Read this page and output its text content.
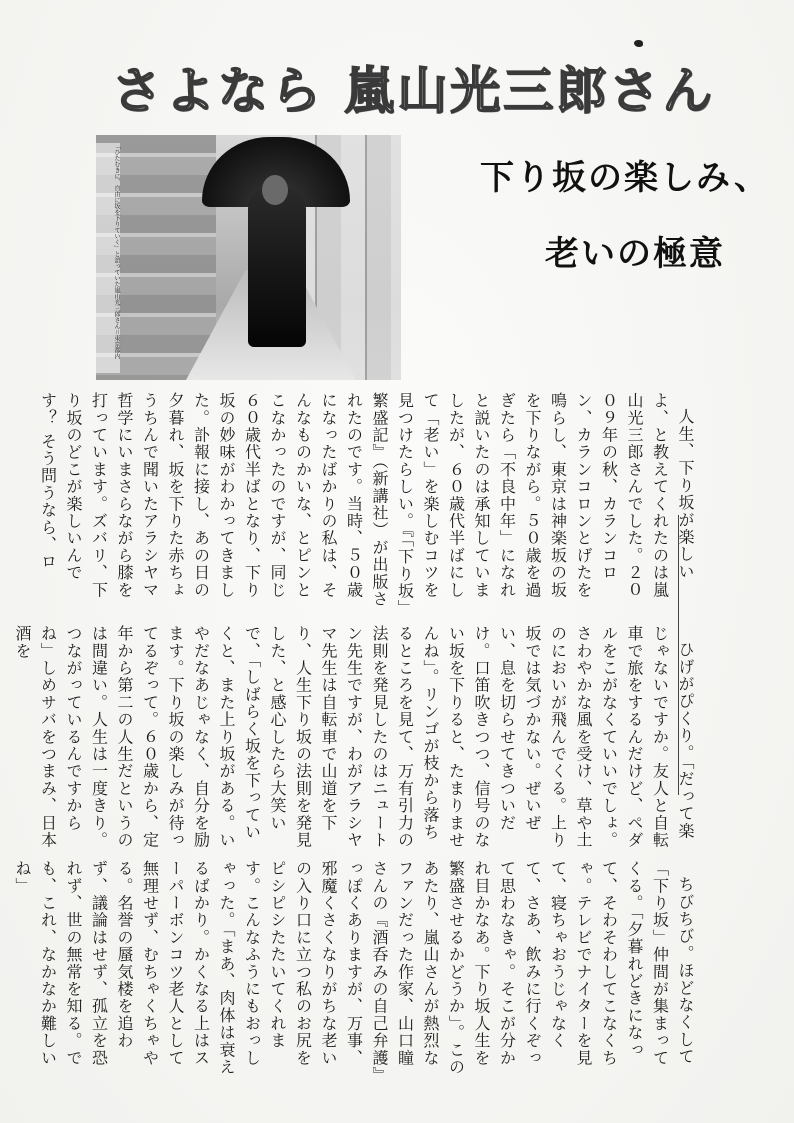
さよなら 嵐山光三郎さん
「ひたむきに、自由に坂を下りていく」と語っていた嵐山光三郎さん＝東京都内	下り坂の楽しみ、
老いの極意

人生、下り坂が楽しいよ、と教えてくれたのは嵐山光三郎さんでした。２００９年の秋、カランコロン、カランコロンとげたを鳴らし、東京は神楽坂の坂を下りながら。５０歳を過ぎたら「不良中年」になれと説いたのは承知していましたが、６０歳代半ばにして「老い」を楽しむコツを見つけたらしい。『「下り坂」繁盛記』（新講社）が出版されたのです。当時、５０歳になったばかりの私は、そんなものかいな、とピンとこなかったのですが、同じ６０歳代半ばとなり、下り坂の妙味がわかってきました。訃報に接し、あの日の夕暮れ、坂を下りた赤ちょうちんで聞いたアラシヤマ哲学にいまさらながら膝を打っています。ズバリ、下り坂のどこが楽しいんです？ そう問うなら、ロ

ひげがぴくり。「だって楽じゃないですか。友人と自転車で旅をするんだけど、ペダルをこがなくていいでしょ。さわやかな風を受け、草や土のにおいが飛んでくる。上り坂では気づかない。ぜいぜい、息を切らせてきついだけ。口笛吹きつつ、信号のない坂を下りると、たまりませんね」。リンゴが枝から落ちるところを見て、万有引力の法則を発見したのはニュートン先生ですが、わがアラシヤマ先生は自転車で山道を下り、人生下り坂の法則を発見した、と感心したら大笑いで、「しばらく坂を下っていくと、また上り坂がある。いやだなあじゃなく、自分を励ます。下り坂の楽しみが待ってるぞって。６０歳から、定年から第二の人生だというのは間違い。人生は一度きり。つながっているんですからね」しめサバをつまみ、日本酒を

ちびちび。ほどなくして「下り坂」仲間が集まってくる。「夕暮れどきになって、そわそわしてこなくちゃ。テレビでナイターを見て、寝ちゃおうじゃなくて、さあ、飲みに行くぞって思わなきゃ。そこが分かれ目かなあ。下り坂人生を繁盛させるかどうか」。このあたり、嵐山さんが熱烈なファンだった作家、山口瞳さんの『酒呑みの自己弁護』っぽくありますが、万事、邪魔くさくなりがちな老いの入り口に立つ私のお尻をピシピシたたいてくれます。こんなふうにもおっしゃった。「まあ、肉体は衰えるばかり。かくなる上はスーパーボンコツ老人として無理せず、むちゃくちゃやる。名誉の蜃気楼を追わず、議論はせず、孤立を恐れず、世の無常を知る。でも、これ、なかなか難しいね」
